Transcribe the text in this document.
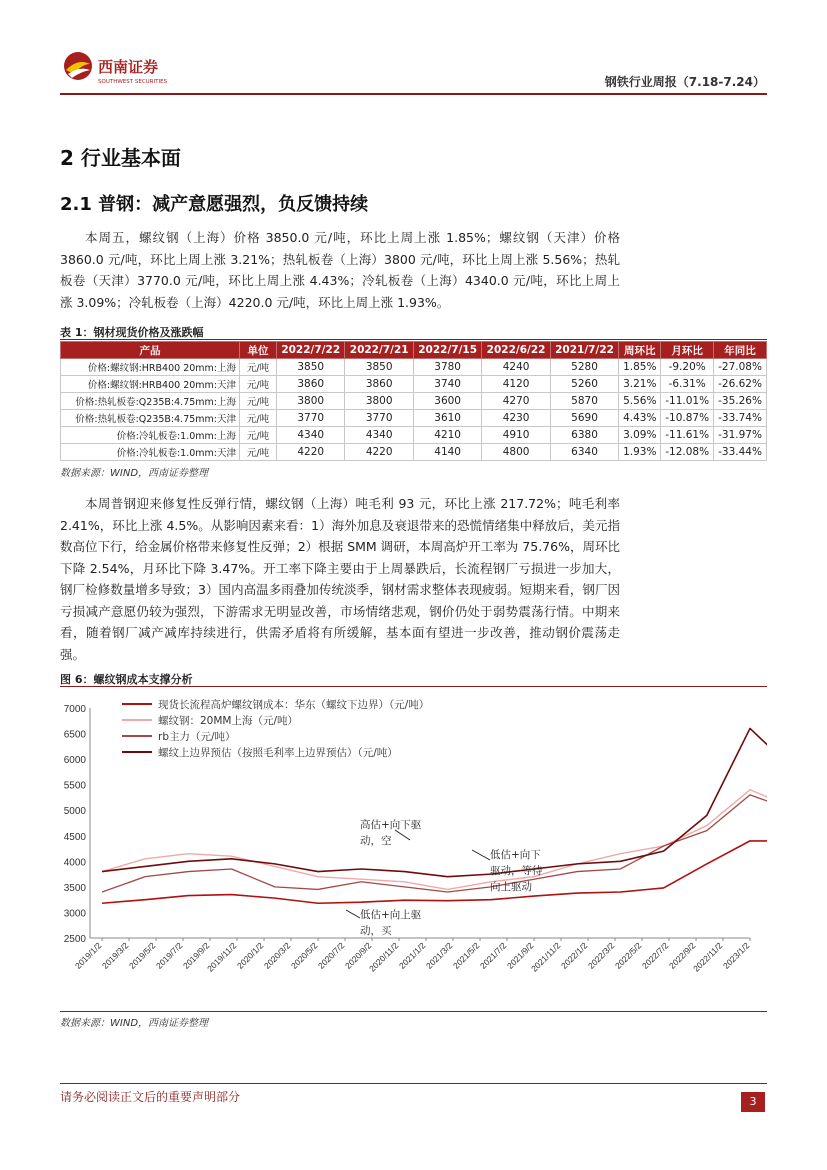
西南证券
SOUTHWEST SECURITIES	钢铁行业周报（7.18-7.24）
2 行业基本面
2.1 普钢：减产意愿强烈，负反馈持续
本周五，螺纹钢（上海）价格 3850.0 元/吨，环比上周上涨 1.85%；螺纹钢（天津）价格 3860.0 元/吨，环比上周上涨 3.21%；热轧板卷（上海）3800 元/吨，环比上周上涨 5.56%；热轧板卷（天津）3770.0 元/吨，环比上周上涨 4.43%；冷轧板卷（上海）4340.0 元/吨，环比上周上涨 3.09%；冷轧板卷（上海）4220.0 元/吨，环比上周上涨 1.93%。
表 1：钢材现货价格及涨跌幅
产品	单位	2022/7/22	2022/7/21	2022/7/15	2022/6/22	2021/7/22	周环比	月环比	年同比
价格:螺纹钢:HRB400 20mm:上海	元/吨	3850	3850	3780	4240	5280	1.85%	-9.20%	-27.08%
价格:螺纹钢:HRB400 20mm:天津	元/吨	3860	3860	3740	4120	5260	3.21%	-6.31%	-26.62%
价格:热轧板卷:Q235B:4.75mm:上海	元/吨	3800	3800	3600	4270	5870	5.56%	-11.01%	-35.26%
价格:热轧板卷:Q235B:4.75mm:天津	元/吨	3770	3770	3610	4230	5690	4.43%	-10.87%	-33.74%
价格:冷轧板卷:1.0mm:上海	元/吨	4340	4340	4210	4910	6380	3.09%	-11.61%	-31.97%
价格:冷轧板卷:1.0mm:天津	元/吨	4220	4220	4140	4800	6340	1.93%	-12.08%	-33.44%
数据来源：WIND，西南证券整理
本周普钢迎来修复性反弹行情，螺纹钢（上海）吨毛利 93 元，环比上涨 217.72%；吨毛利率 2.41%，环比上涨 4.5%。从影响因素来看：1）海外加息及衰退带来的恐慌情绪集中释放后，美元指数高位下行，给金属价格带来修复性反弹；2）根据 SMM 调研，本周高炉开工率为 75.76%，周环比下降 2.54%，月环比下降 3.47%。开工率下降主要由于上周暴跌后，长流程钢厂亏损进一步加大，钢厂检修数量增多导致；3）国内高温多雨叠加传统淡季，钢材需求整体表现疲弱。短期来看，钢厂因亏损减产意愿仍较为强烈，下游需求无明显改善，市场情绪悲观，钢价仍处于弱势震荡行情。中期来看，随着钢厂减产减库持续进行，供需矛盾将有所缓解，基本面有望进一步改善，推动钢价震荡走强。
图 6：螺纹钢成本支撑分析
2500
3000
3500
4000
4500
5000
5500
6000
6500
7000
2019/1/2
2019/3/2
2019/5/2
2019/7/2
2019/9/2
2019/11/2
2020/1/2
2020/3/2
2020/5/2
2020/7/2
2020/9/2
2020/11/2
2021/1/2
2021/3/2
2021/5/2
2021/7/2
2021/9/2
2021/11/2
2022/1/2
2022/3/2
2022/5/2
2022/7/2
2022/9/2
2022/11/2
2023/1/2
现货长流程高炉螺纹钢成本：华东（螺纹下边界）（元/吨）
螺纹钢：20MM上海（元/吨）
rb主力（元/吨）
螺纹上边界预估（按照毛利率上边界预估）（元/吨）
高估+向下驱
动，空
低估+向下
驱动，等待
向上驱动
低估+向上驱
动，买
数据来源：WIND，西南证券整理
请务必阅读正文后的重要声明部分	3
